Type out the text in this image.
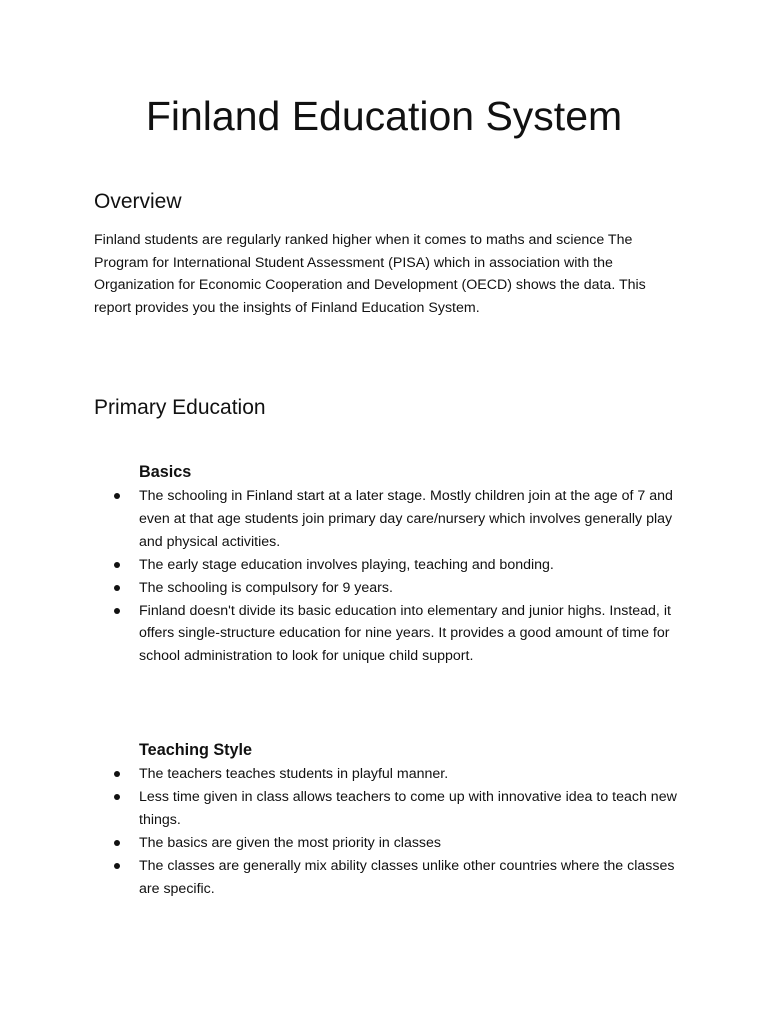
Finland Education System
Overview

Finland students are regularly ranked higher when it comes to maths and science The Program for International Student Assessment (PISA) which in association with the Organization for Economic Cooperation and Development (OECD) shows the data. This report provides you the insights of Finland Education System.

Primary Education
Basics
The schooling in Finland start at a later stage. Mostly children join at the age of 7 and even at that age students join primary day care/nursery which involves generally play and physical activities.
The early stage education involves playing, teaching and bonding.
The schooling is compulsory for 9 years.
Finland doesn't divide its basic education into elementary and junior highs. Instead, it offers single-structure education for nine years. It provides a good amount of time for school administration to look for unique child support.
Teaching Style
The teachers teaches students in playful manner.
Less time given in class allows teachers to come up with innovative idea to teach new things.
The basics are given the most priority in classes
The classes are generally mix ability classes unlike other countries where the classes are specific.
